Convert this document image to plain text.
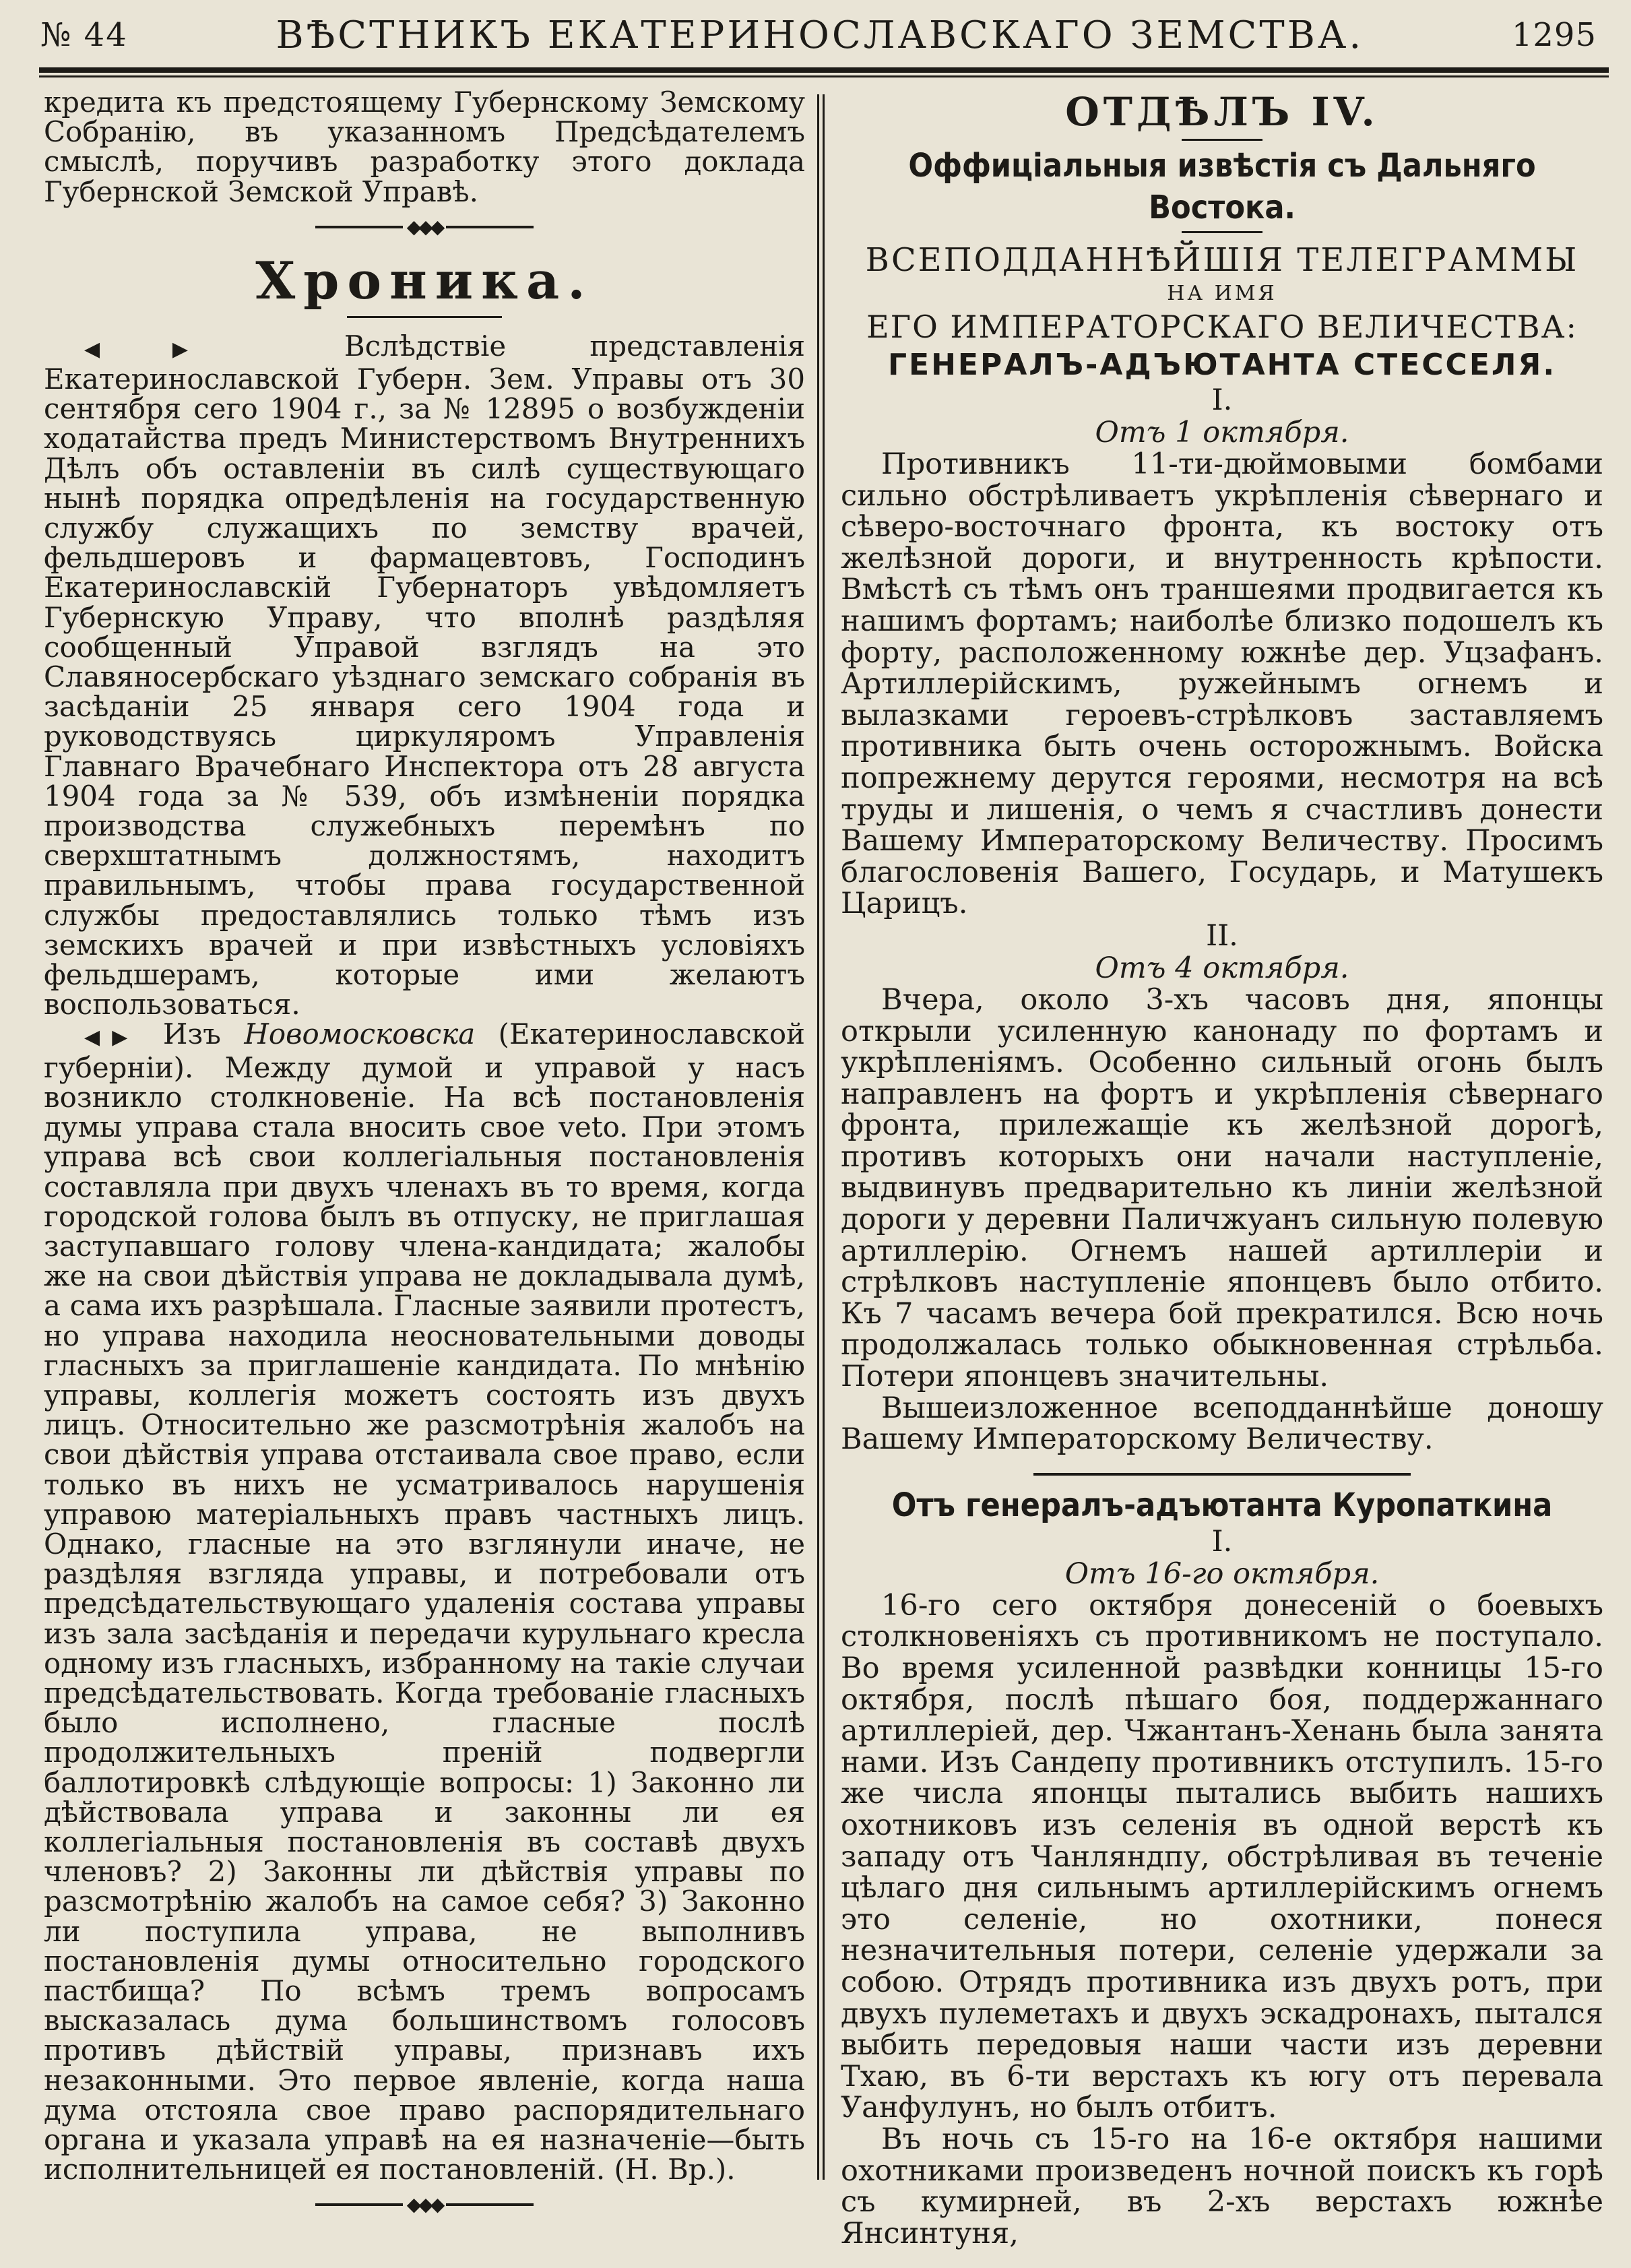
№ 44	ВѢСТНИКЪ ЕКАТЕРИНОСЛАВСКАГО ЗЕМСТВА.	1295

кредита къ предстоящему Губернскому Земскому Собранію, въ указанномъ Предсѣдателемъ смыслѣ, поручивъ разработку этого доклада Губернской Земской Управѣ.

◆◆◆
Хроника.

◀▶	Вслѣдствіе представленія Екатеринославской Губерн. Зем. Управы отъ 30 сентября сего 1904 г., за № 12895 о возбужденіи ходатайства предъ Министерствомъ Внутреннихъ Дѣлъ объ оставленіи въ силѣ существующаго нынѣ порядка опредѣленія на государственную службу служащихъ по земству врачей, фельдшеровъ и фармацевтовъ, Господинъ Екатеринославскій Губернаторъ увѣдомляетъ Губернскую Управу, что вполнѣ раздѣляя сообщенный Управой взглядъ на это Славяносербскаго уѣзднаго земскаго собранія въ засѣданіи 25 января сего 1904 года и руководствуясь циркуляромъ Управленія Главнаго Врачебнаго Инспектора отъ 28 августа 1904 года за № 539, объ измѣненіи порядка производства служебныхъ перемѣнъ по сверхштатнымъ должностямъ, находитъ правильнымъ, чтобы права государственной службы предоставлялись только тѣмъ изъ земскихъ врачей и при извѣстныхъ условіяхъ фельдшерамъ, которые ими желаютъ воспользоваться.

◀▶ Изъ Новомосковска (Екатеринославской губерніи). Между думой и управой у насъ возникло столкновеніе. На всѣ постановленія думы управа стала вносить свое veto. При этомъ управа всѣ свои коллегіальныя постановленія составляла при двухъ членахъ въ то время, когда городской голова былъ въ отпуску, не приглашая заступавшаго голову члена-кандидата; жалобы же на свои дѣйствія управа не докладывала думѣ, а сама ихъ разрѣшала. Гласные заявили протестъ, но управа находила неосновательными доводы гласныхъ за приглашеніе кандидата. По мнѣнію управы, коллегія можетъ состоять изъ двухъ лицъ. Относительно же разсмотрѣнія жалобъ на свои дѣйствія управа отстаивала свое право, если только въ нихъ не усматривалось нарушенія управою матеріальныхъ правъ частныхъ лицъ. Однако, гласные на это взглянули иначе, не раздѣляя взгляда управы, и потребовали отъ предсѣдательствующаго удаленія состава управы изъ зала засѣданія и передачи курульнаго кресла одному изъ гласныхъ, избранному на такіе случаи предсѣдательствовать. Когда требованіе гласныхъ было исполнено, гласные послѣ продолжительныхъ преній подвергли баллотировкѣ слѣдующіе вопросы: 1) Законно ли дѣйствовала управа и законны ли ея коллегіальныя постановленія въ составѣ двухъ членовъ? 2) Законны ли дѣйствія управы по разсмотрѣнію жалобъ на самое себя? 3) Законно ли поступила управа, не выполнивъ постановленія думы относительно городского пастбища? По всѣмъ тремъ вопросамъ высказалась дума большинствомъ голосовъ противъ дѣйствій управы, признавъ ихъ незаконными. Это первое явленіе, когда наша дума отстояла свое право распорядительнаго органа и указала управѣ на ея назначеніе—быть исполнительницей ея постановленій. (Н. Вр.).

◆◆◆
ОТДѢЛЪ IV.
Оффиціальныя извѣстія съ Дальняго Востока.
ВСЕПОДДАННѢЙШІЯ ТЕЛЕГРАММЫ
НА ИМЯ
ЕГО ИМПЕРАТОРСКАГО ВЕЛИЧЕСТВА:
ГЕНЕРАЛЪ-АДЪЮТАНТА СТЕССЕЛЯ.
I.
Отъ 1 октября.

Противникъ 11-ти-дюймовыми бомбами сильно обстрѣливаетъ укрѣпленія сѣвернаго и сѣверо-восточнаго фронта, къ востоку отъ желѣзной дороги, и внутренность крѣпости. Вмѣстѣ съ тѣмъ онъ траншеями продвигается къ нашимъ фортамъ; наиболѣе близко подошелъ къ форту, расположенному южнѣе дер. Уцзафанъ. Артиллерійскимъ, ружейнымъ огнемъ и вылазками героевъ-стрѣлковъ заставляемъ противника быть очень осторожнымъ. Войска попрежнему дерутся героями, несмотря на всѣ труды и лишенія, о чемъ я счастливъ донести Вашему Императорскому Величеству. Просимъ благословенія Вашего, Государь, и Матушекъ Царицъ.

II.
Отъ 4 октября.

Вчера, около 3-хъ часовъ дня, японцы открыли усиленную канонаду по фортамъ и укрѣпленіямъ. Особенно сильный огонь былъ направленъ на фортъ и укрѣпленія сѣвернаго фронта, прилежащіе къ желѣзной дорогѣ, противъ которыхъ они начали наступленіе, выдвинувъ предварительно къ линіи желѣзной дороги у деревни Паличжуанъ сильную полевую артиллерію. Огнемъ нашей артиллеріи и стрѣлковъ наступленіе японцевъ было отбито. Къ 7 часамъ вечера бой прекратился. Всю ночь продолжалась только обыкновенная стрѣльба. Потери японцевъ значительны.

Вышеизложенное всеподданнѣйше доношу Вашему Императорскому Величеству.

Отъ генералъ-адъютанта Куропаткина
I.
Отъ 16-го октября.

16-го сего октября донесеній о боевыхъ столкновеніяхъ съ противникомъ не поступало. Во время усиленной развѣдки конницы 15-го октября, послѣ пѣшаго боя, поддержаннаго артиллеріей, дер. Чжантанъ-Хенань была занята нами. Изъ Сандепу противникъ отступилъ. 15-го же числа японцы пытались выбить нашихъ охотниковъ изъ селенія въ одной верстѣ къ западу отъ Чанляндпу, обстрѣливая въ теченіе цѣлаго дня сильнымъ артиллерійскимъ огнемъ это селеніе, но охотники, понеся незначительныя потери, селеніе удержали за собою. Отрядъ противника изъ двухъ ротъ, при двухъ пулеметахъ и двухъ эскадронахъ, пытался выбить передовыя наши части изъ деревни Тхаю, въ 6-ти верстахъ къ югу отъ перевала Уанфулунъ, но былъ отбитъ.

Въ ночь съ 15-го на 16-е октября нашими охотниками произведенъ ночной поискъ къ горѣ съ кумирней, въ 2-хъ верстахъ южнѣе Янсинтуня,
